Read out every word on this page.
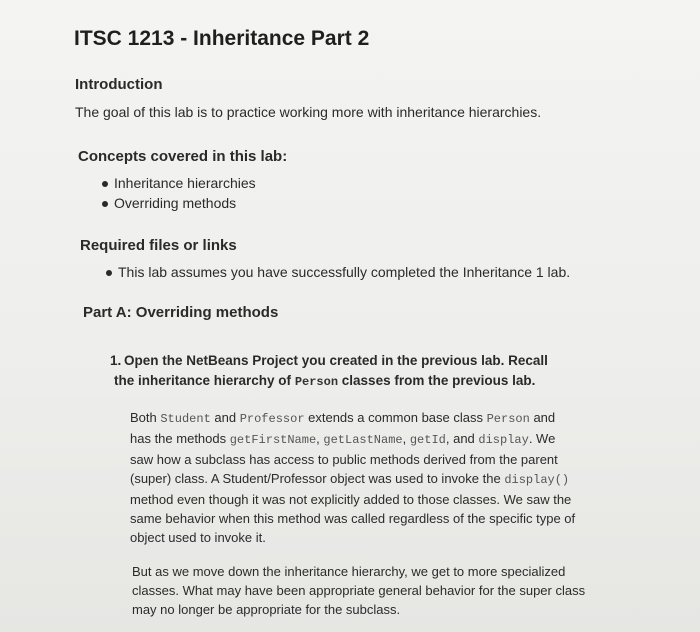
ITSC 1213 - Inheritance Part 2
Introduction
The goal of this lab is to practice working more with inheritance hierarchies.
Concepts covered in this lab:
Inheritance hierarchies
Overriding methods
Required files or links
This lab assumes you have successfully completed the Inheritance 1 lab.
Part A: Overriding methods
1. Open the NetBeans Project you created in the previous lab. Recall
the inheritance hierarchy of Person classes from the previous lab.
Both Student and Professor extends a common base class Person and
has the methods getFirstName, getLastName, getId, and display. We
saw how a subclass has access to public methods derived from the parent
(super) class. A Student/Professor object was used to invoke the display()
method even though it was not explicitly added to those classes. We saw the
same behavior when this method was called regardless of the specific type of
object used to invoke it.
But as we move down the inheritance hierarchy, we get to more specialized
classes. What may have been appropriate general behavior for the super class
may no longer be appropriate for the subclass.
